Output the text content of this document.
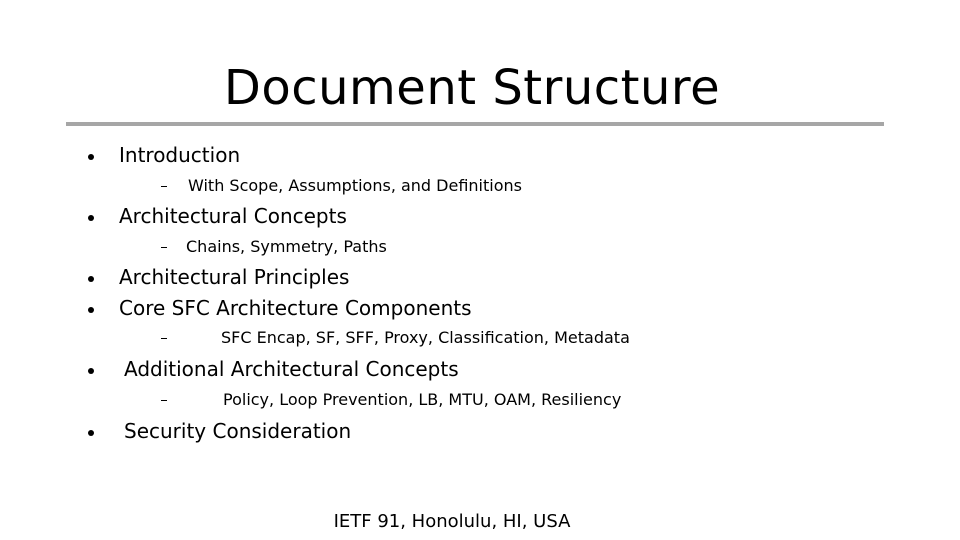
Document Structure
Introduction
With Scope, Assumptions, and Definitions
Architectural Concepts
Chains, Symmetry, Paths
Architectural Principles
Core SFC Architecture Components
SFC Encap, SF, SFF, Proxy, Classification, Metadata
Additional Architectural Concepts
Policy, Loop Prevention, LB, MTU, OAM, Resiliency
Security Consideration
IETF 91, Honolulu, HI, USA
